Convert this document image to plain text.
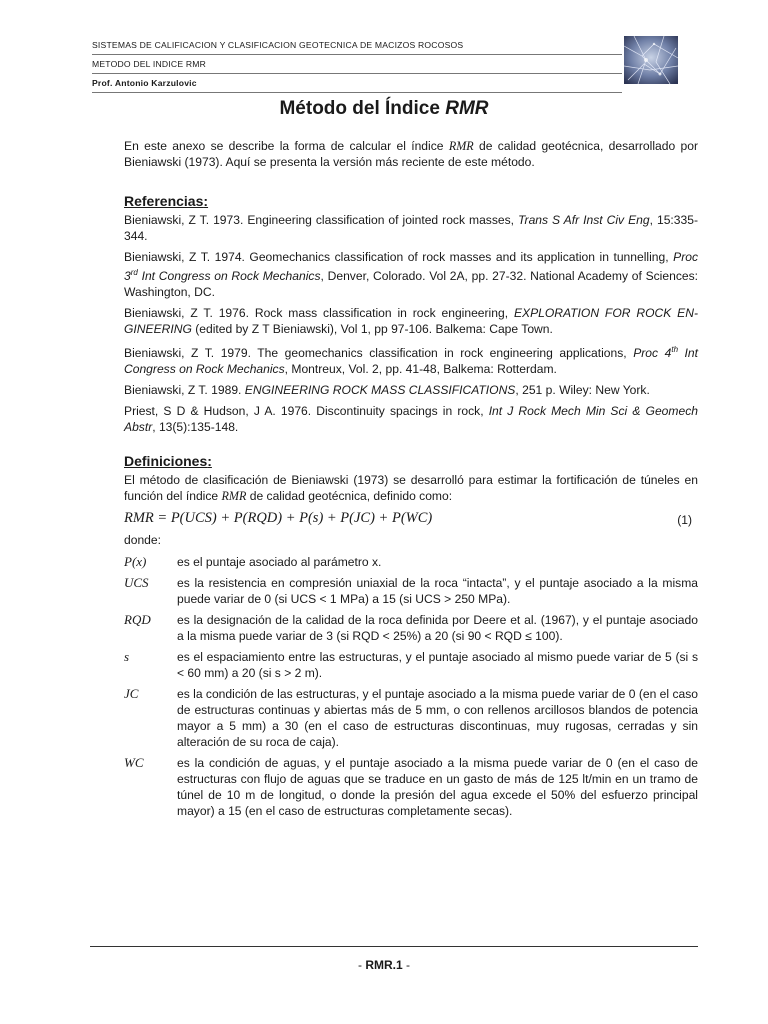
SISTEMAS DE CALIFICACION Y CLASIFICACION GEOTECNICA DE MACIZOS ROCOSOS
METODO DEL INDICE RMR
Prof. Antonio Karzulovic
Método del Índice RMR

En este anexo se describe la forma de calcular el índice RMR de calidad geotécnica, desarrollado por Bieniawski (1973). Aquí se presenta la versión más reciente de este método.

Referencias:

Bieniawski, Z T. 1973. Engineering classification of jointed rock masses, Trans S Afr Inst Civ Eng, 15:335-344.

Bieniawski, Z T. 1974. Geomechanics classification of rock masses and its application in tunnelling, Proc 3rd Int Congress on Rock Mechanics, Denver, Colorado. Vol 2A, pp. 27-32. National Academy of Sciences: Washington, DC.

Bieniawski, Z T. 1976. Rock mass classification in rock engineering, EXPLORATION FOR ROCK EN-GINEERING (edited by Z T Bieniawski), Vol 1, pp 97-106. Balkema: Cape Town.

Bieniawski, Z T. 1979. The geomechanics classification in rock engineering applications, Proc 4th Int Congress on Rock Mechanics, Montreux, Vol. 2, pp. 41-48, Balkema: Rotterdam.

Bieniawski, Z T. 1989. ENGINEERING ROCK MASS CLASSIFICATIONS, 251 p. Wiley: New York.

Priest, S D & Hudson, J A. 1976. Discontinuity spacings in rock, Int J Rock Mech Min Sci & Geomech Abstr, 13(5):135-148.

Definiciones:

El método de clasificación de Bieniawski (1973) se desarrolló para estimar la fortificación de túneles en función del índice RMR de calidad geotécnica, definido como:

RMR = P(UCS) + P(RQD) + P(s) + P(JC) + P(WC)	(1)

donde:

P(x)	es el puntaje asociado al parámetro x.
UCS	es la resistencia en compresión uniaxial de la roca “intacta”, y el puntaje asociado a la misma puede variar de 0 (si UCS < 1 MPa) a 15 (si UCS > 250 MPa).
RQD	es la designación de la calidad de la roca definida por Deere et al. (1967), y el puntaje asociado a la misma puede variar de 3 (si RQD < 25%) a 20 (si 90 < RQD ≤ 100).
s	es el espaciamiento entre las estructuras, y el puntaje asociado al mismo puede variar de 5 (si s < 60 mm) a 20 (si s > 2 m).
JC	es la condición de las estructuras, y el puntaje asociado a la misma puede variar de 0 (en el caso de estructuras continuas y abiertas más de 5 mm, o con rellenos arcillosos blandos de potencia mayor a 5 mm) a 30 (en el caso de estructuras discontinuas, muy rugosas, cerradas y sin alteración de su roca de caja).
WC	es la condición de aguas, y el puntaje asociado a la misma puede variar de 0 (en el caso de estructuras con flujo de aguas que se traduce en un gasto de más de 125 lt/min en un tramo de túnel de 10 m de longitud, o donde la presión del agua excede el 50% del esfuerzo principal mayor) a 15 (en el caso de estructuras completamente secas).
- RMR.1 -
